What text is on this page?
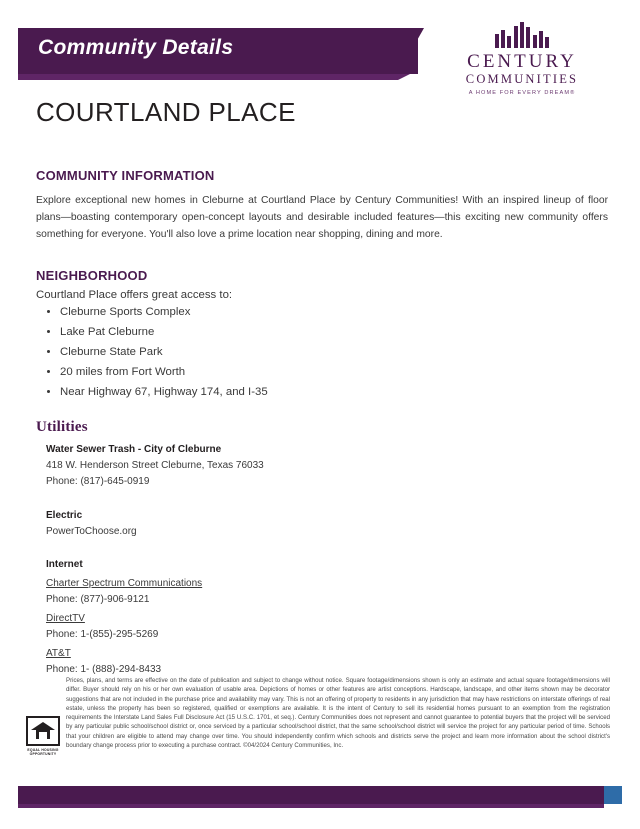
Community Details
CENTURY
COMMUNITIES
A HOME FOR EVERY DREAM®
COURTLAND PLACE
COMMUNITY INFORMATION
Explore exceptional new homes in Cleburne at Courtland Place by Century Communities! With an inspired lineup of floor plans—boasting contemporary open-concept layouts and desirable included features—this exciting new community offers something for everyone. You'll also love a prime location near shopping, dining and more.
NEIGHBORHOOD
Courtland Place offers great access to:
• Cleburne Sports Complex
• Lake Pat Cleburne
• Cleburne State Park
• 20 miles from Fort Worth
• Near Highway 67, Highway 174, and I-35
Utilities
Water Sewer Trash - City of Cleburne
418 W. Henderson Street Cleburne, Texas 76033
Phone: (817)-645-0919
Electric
PowerToChoose.org
Internet
Charter Spectrum Communications
Phone: (877)-906-9121
DirectTV
Phone: 1-(855)-295-5269
AT&T
Phone: 1- (888)-294-8433
Prices, plans, and terms are effective on the date of publication and subject to change without notice. Square footage/dimensions shown is only an estimate and actual square footage/dimensions will differ. Buyer should rely on his or her own evaluation of usable area. Depictions of homes or other features are artist conceptions. Hardscape, landscape, and other items shown may be decorator suggestions that are not included in the purchase price and availability may vary. This is not an offering of property to residents in any jurisdiction that may have restrictions on interstate offerings of real estate, unless the property has been so registered, qualified or exemptions are available. It is the intent of Century to sell its residential homes pursuant to an exemption from the registration requirements the Interstate Land Sales Full Disclosure Act (15 U.S.C. 1701, et seq.). Century Communities does not represent and cannot guarantee to potential buyers that the project will be serviced by any particular public school/school district or, once serviced by a particular school/school district, that the same school/school district will service the project for any particular period of time. Schools that your children are eligible to attend may change over time. You should independently confirm which schools and districts serve the project and learn more information about the school district's boundary change process prior to executing a purchase contract. ©04/2024 Century Communities, Inc.
EQUAL HOUSING OPPORTUNITY
